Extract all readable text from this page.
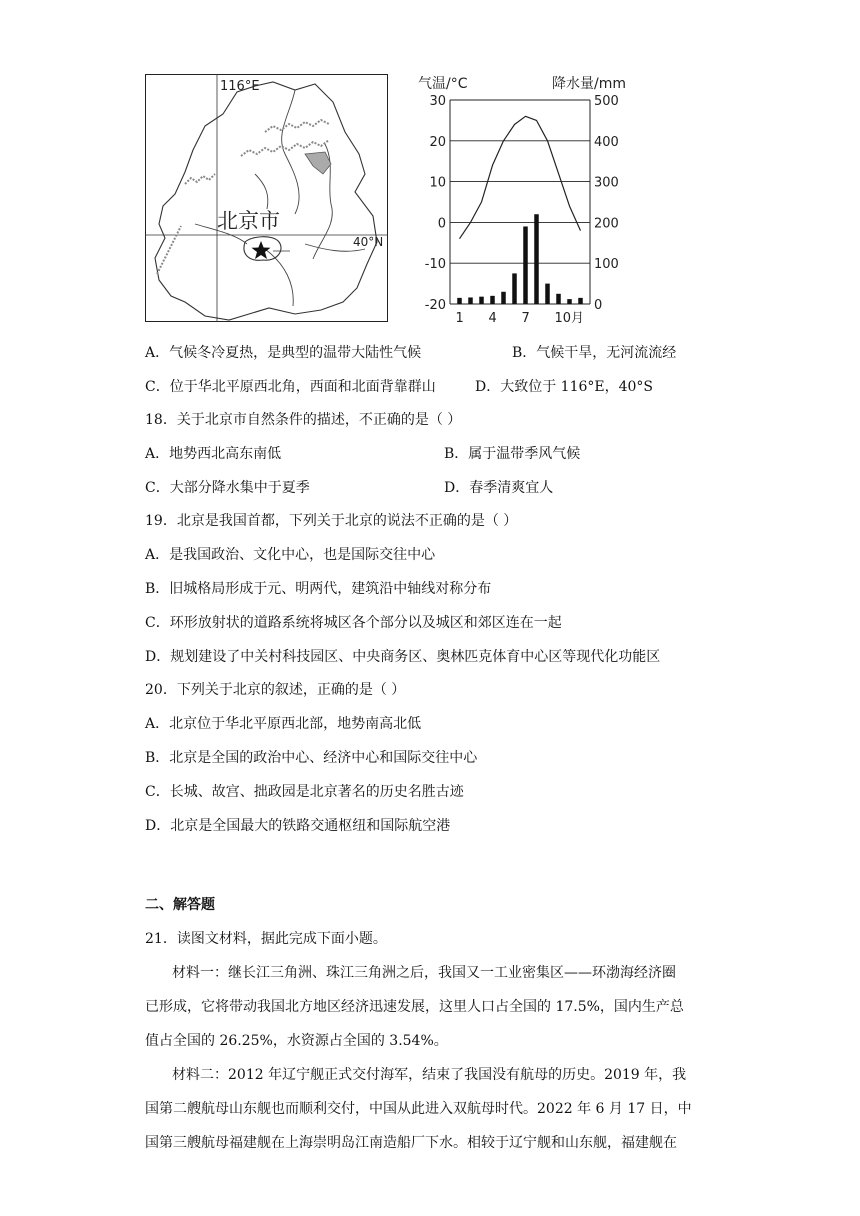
116°E
40°N
北京市
气温/°C	降水量/mm
30	500
20	400
10	300
0	200
-10	100
-20	0
1 4 7 10月
A．气候冬冷夏热，是典型的温带大陆性气候	B．气候干旱，无河流流经
C．位于华北平原西北角，西面和北面背靠群山	D．大致位于 116°E，40°S
18．关于北京市自然条件的描述，不正确的是（ ）
A．地势西北高东南低	B．属于温带季风气候
C．大部分降水集中于夏季	D．春季清爽宜人
19．北京是我国首都，下列关于北京的说法不正确的是（ ）
A．是我国政治、文化中心，也是国际交往中心
B．旧城格局形成于元、明两代，建筑沿中轴线对称分布
C．环形放射状的道路系统将城区各个部分以及城区和郊区连在一起
D．规划建设了中关村科技园区、中央商务区、奥林匹克体育中心区等现代化功能区
20．下列关于北京的叙述，正确的是（ ）
A．北京位于华北平原西北部，地势南高北低
B．北京是全国的政治中心、经济中心和国际交往中心
C．长城、故宫、拙政园是北京著名的历史名胜古迹
D．北京是全国最大的铁路交通枢纽和国际航空港
二、解答题
21．读图文材料，据此完成下面小题。
材料一：继长江三角洲、珠江三角洲之后，我国又一工业密集区——环渤海经济圈
已形成，它将带动我国北方地区经济迅速发展，这里人口占全国的 17.5%，国内生产总
值占全国的 26.25%，水资源占全国的 3.54%。
材料二：2012 年辽宁舰正式交付海军，结束了我国没有航母的历史。2019 年，我
国第二艘航母山东舰也而顺利交付，中国从此进入双航母时代。2022 年 6 月 17 日，中
国第三艘航母福建舰在上海崇明岛江南造船厂下水。相较于辽宁舰和山东舰，福建舰在
